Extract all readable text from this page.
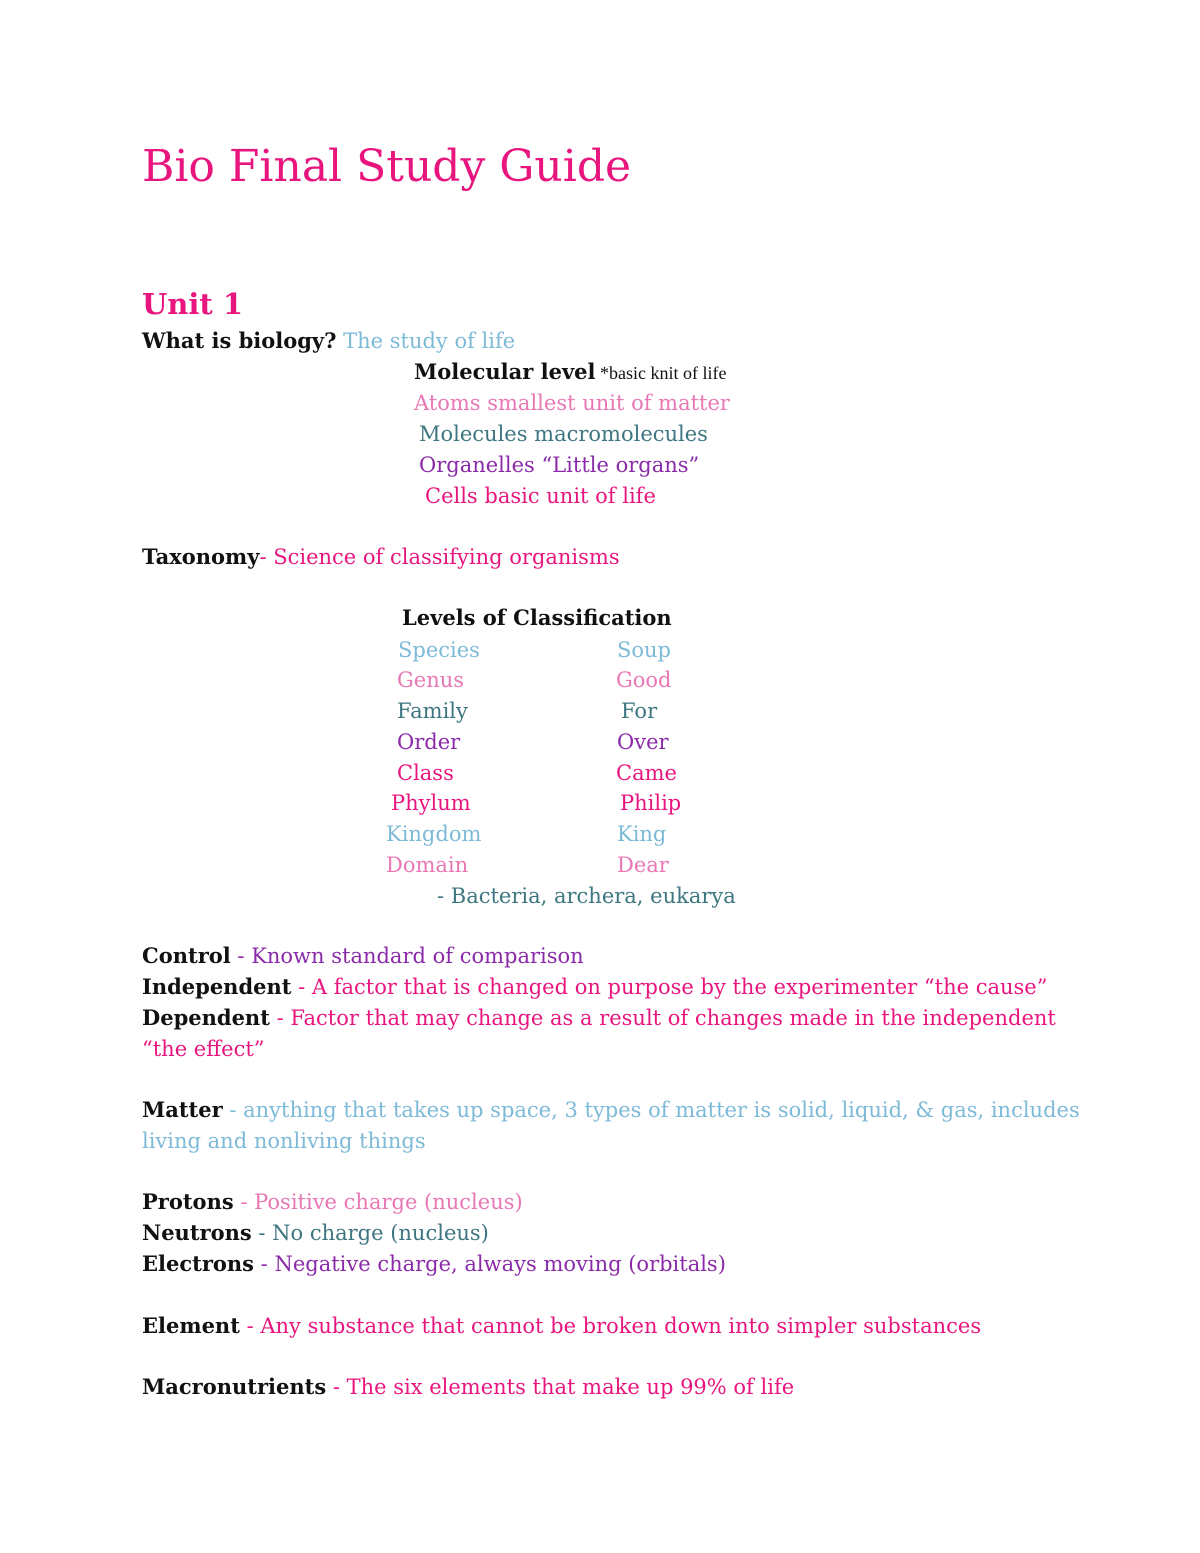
Bio Final Study Guide
Unit 1
What is biology? The study of life
Molecular level *basic knit of life
Atoms smallest unit of matter
Molecules macromolecules
Organelles “Little organs”
Cells basic unit of life
Taxonomy- Science of classifying organisms
Levels of Classification
Species	Soup
Genus	Good
Family	For
Order	Over
Class	Came
Phylum	Philip
Kingdom	King
Domain	Dear
- Bacteria, archera, eukarya
Control - Known standard of comparison
Independent - A factor that is changed on purpose by the experimenter “the cause”
Dependent - Factor that may change as a result of changes made in the independent
“the effect”
Matter - anything that takes up space, 3 types of matter is solid, liquid, & gas, includes
living and nonliving things
Protons - Positive charge (nucleus)
Neutrons - No charge (nucleus)
Electrons - Negative charge, always moving (orbitals)
Element - Any substance that cannot be broken down into simpler substances
Macronutrients - The six elements that make up 99% of life
